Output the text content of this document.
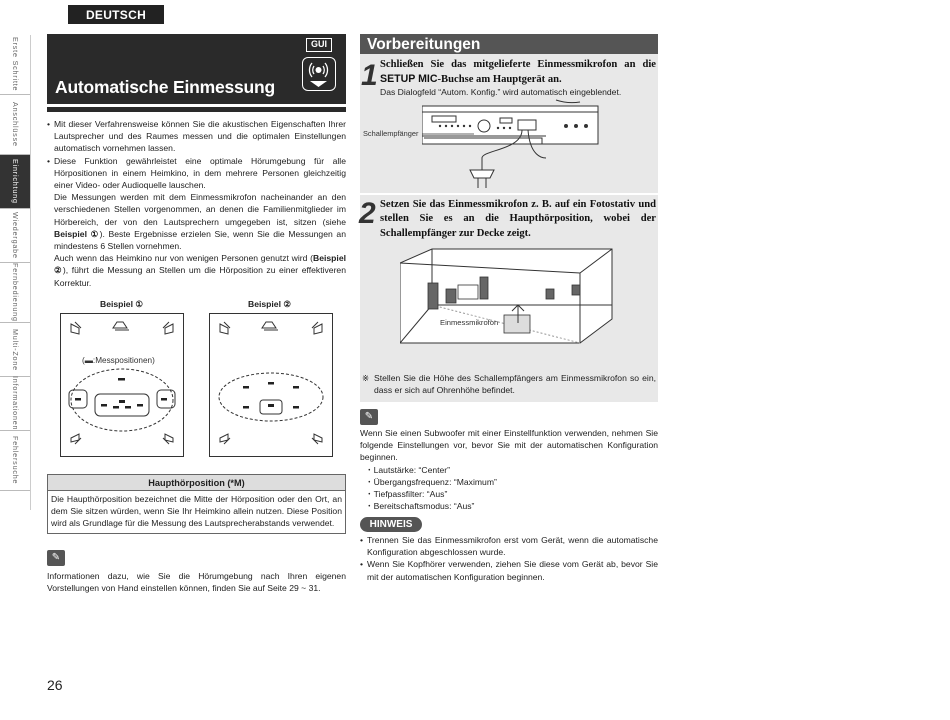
DEUTSCH
Erste Schritte
Anschlüsse
Einrichtung
Wiedergabe
Fernbedienung
Multi-Zone
Informationen
Fehlersuche
GUI
Automatische Einmessung
• Mit dieser Verfahrensweise können Sie die akustischen Eigenschaften Ihrer Lautsprecher und des Raumes messen und die optimalen Einstellungen automatisch vornehmen lassen.
• Diese Funktion gewährleistet eine optimale Hörumgebung für alle Hörpositionen in einem Heimkino, in dem mehrere Personen gleichzeitig einer Video- oder Audioquelle lauschen.
Die Messungen werden mit dem Einmessmikrofon nacheinander an den verschiedenen Stellen vorgenommen, an denen die Familienmitglieder im Hörbereich, der von den Lautsprechern umgegeben ist, sitzen (siehe Beispiel ①). Beste Ergebnisse erzielen Sie, wenn Sie die Messungen an mindestens 6 Stellen vornehmen.
Auch wenn das Heimkino nur von wenigen Personen genutzt wird (Beispiel ②), führt die Messung an Stellen um die Hörposition zu einer effektiveren Korrektur.
Beispiel ①	Beispiel ②
(▬:Messpositionen)
Haupthörposition (*M)
Die Haupthörposition bezeichnet die Mitte der Hörposition oder den Ort, an dem Sie sitzen würden, wenn Sie Ihr Heimkino allein nutzen. Diese Position wird als Grundlage für die Messung des Lautsprecherabstands verwendet.
✎
Informationen dazu, wie Sie die Hörumgebung nach Ihren eigenen Vorstellungen von Hand einstellen können, finden Sie auf Seite 29 ~ 31.
26
Vorbereitungen
1 Schließen Sie das mitgelieferte Einmessmikrofon an die SETUP MIC-Buchse am Hauptgerät an.
Das Dialogfeld “Autom. Konfig.” wird automatisch eingeblendet.
Schallempfänger
2 Setzen Sie das Einmessmikrofon z. B. auf ein Fotostativ und stellen Sie es an die Haupthörposition, wobei der Schallempfänger zur Decke zeigt.
Einmessmikrofon
※ Stellen Sie die Höhe des Schallempfängers am Einmessmikrofon so ein, dass er sich auf Ohrenhöhe befindet.
✎
Wenn Sie einen Subwoofer mit einer Einstellfunktion verwenden, nehmen Sie folgende Einstellungen vor, bevor Sie mit der automatischen Konfiguration beginnen.
・Lautstärke: “Center”
・Übergangsfrequenz: “Maximum”
・Tiefpassfilter: “Aus”
・Bereitschaftsmodus: “Aus”
HINWEIS
• Trennen Sie das Einmessmikrofon erst vom Gerät, wenn die automatische Konfiguration abgeschlossen wurde.
• Wenn Sie Kopfhörer verwenden, ziehen Sie diese vom Gerät ab, bevor Sie mit der automatischen Konfiguration beginnen.
